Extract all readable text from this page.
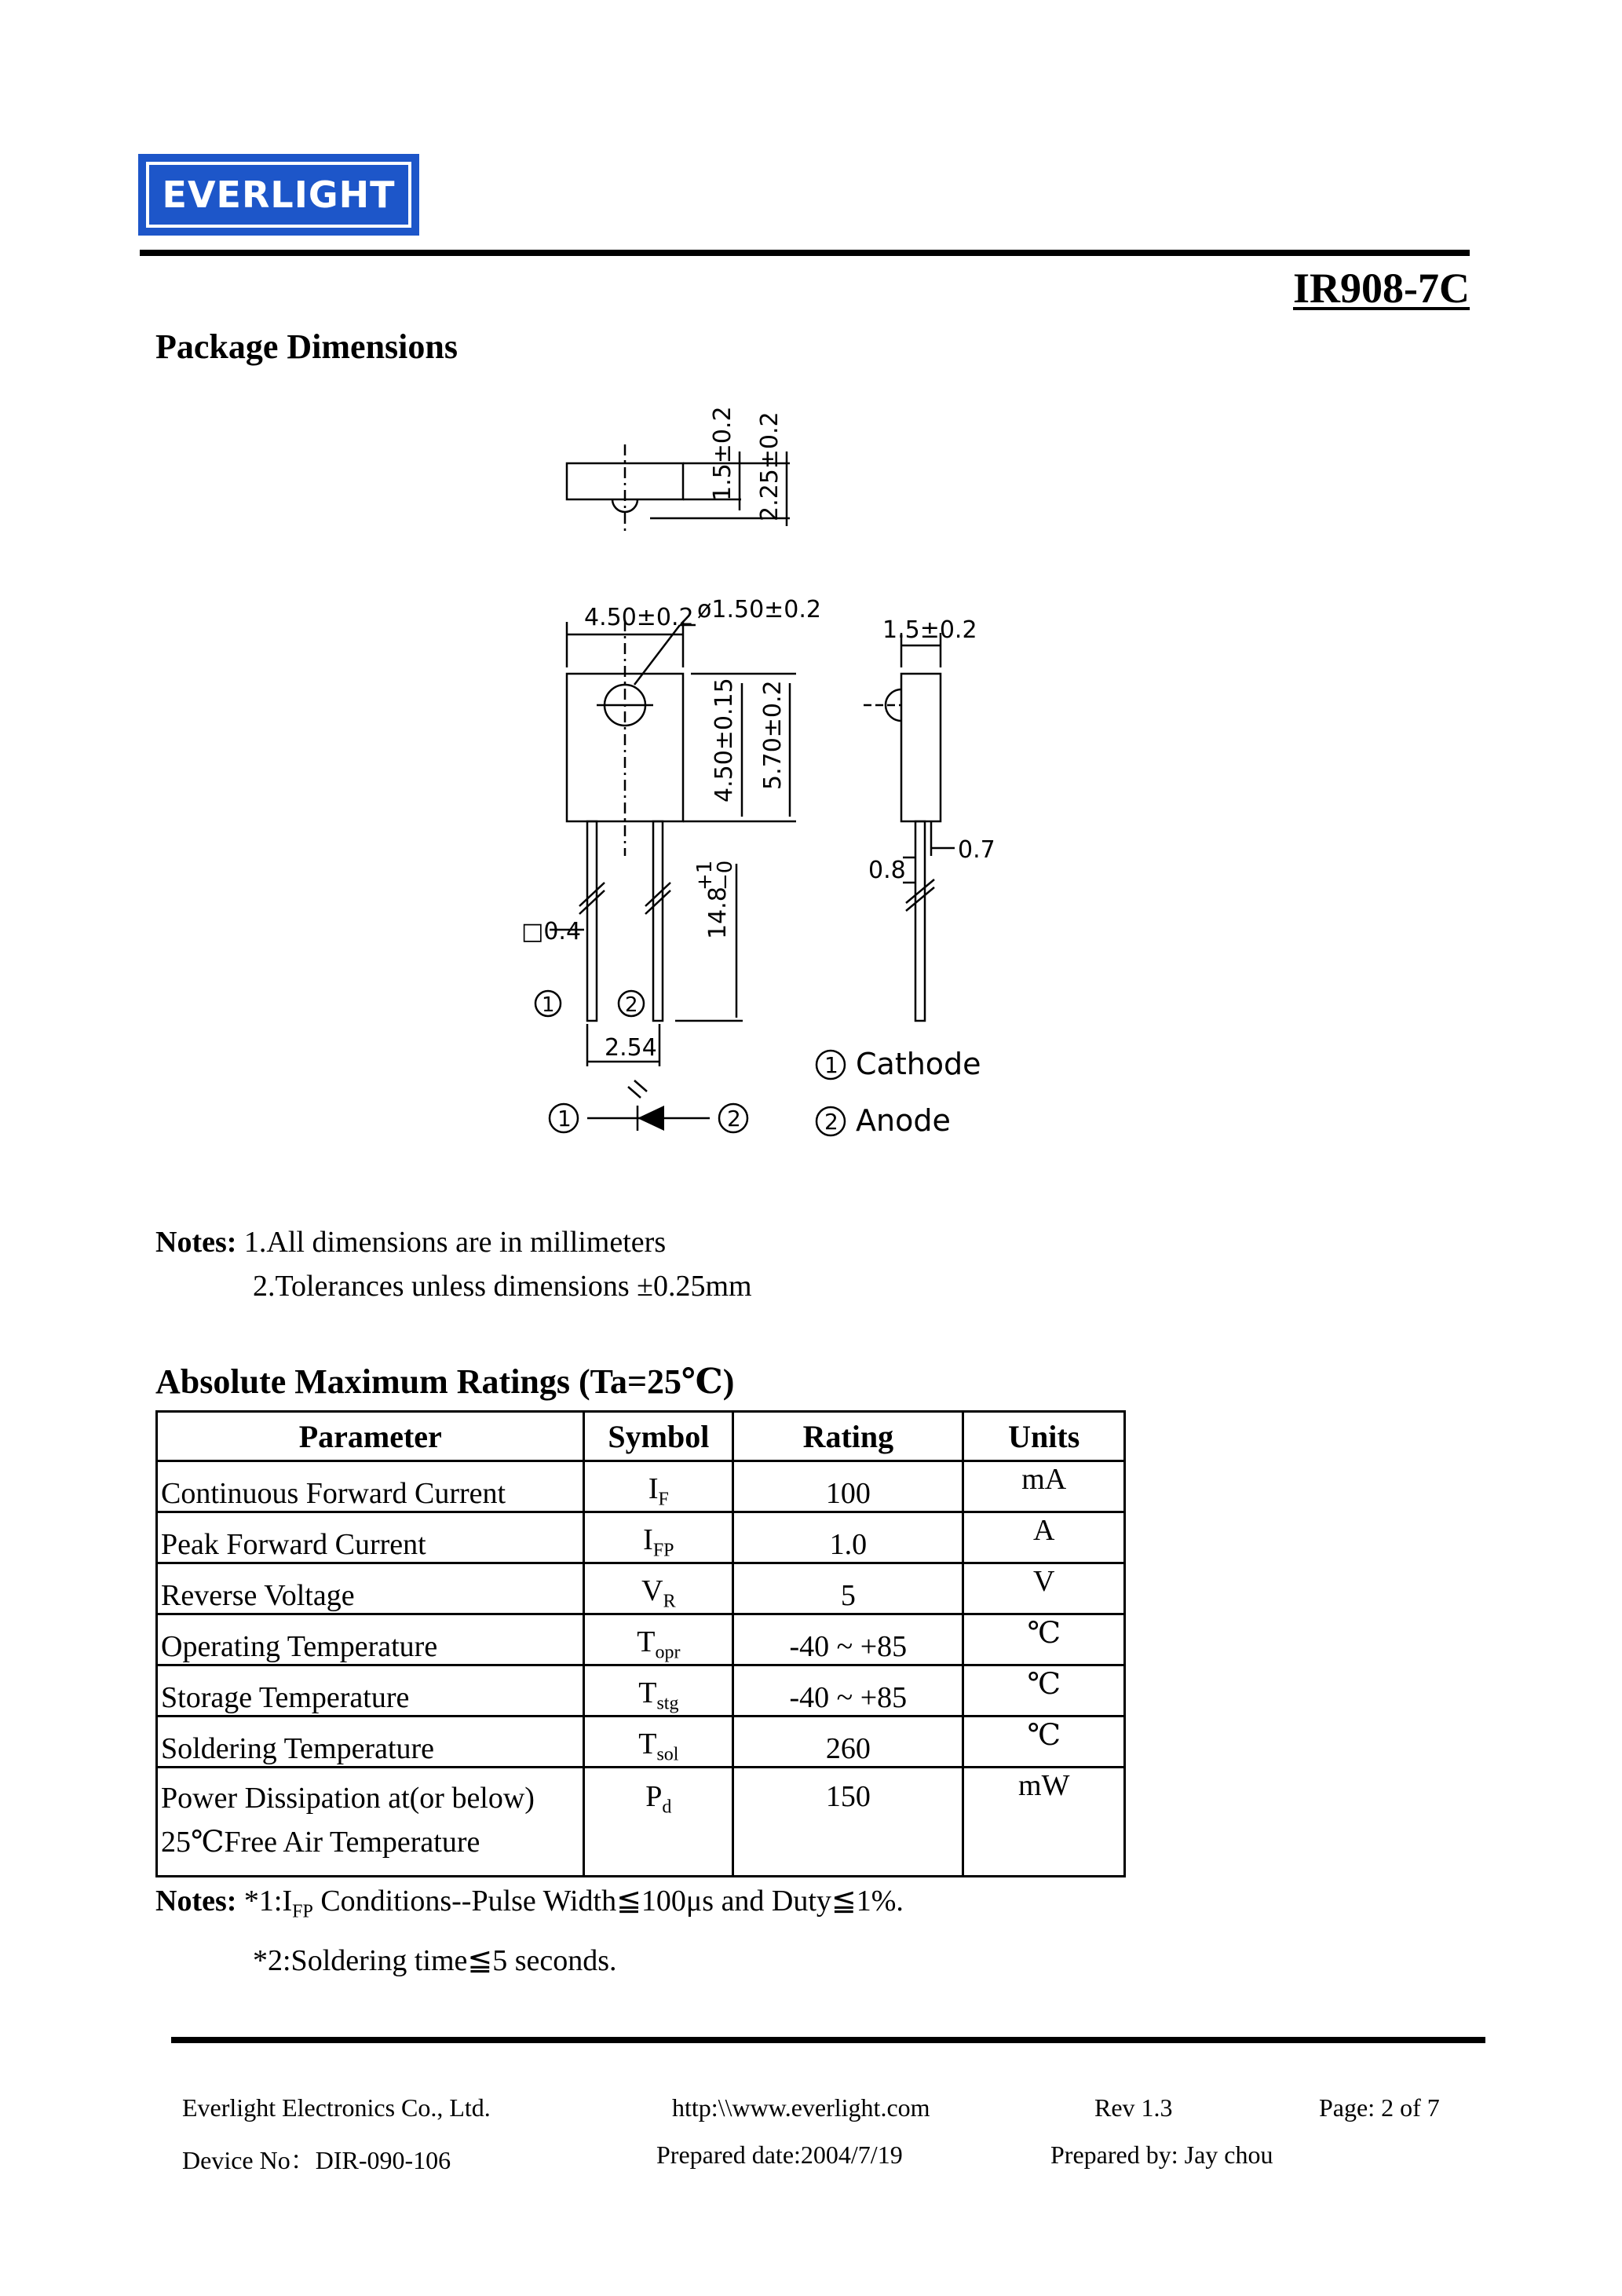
EVERLIGHT
IR908-7C
Package Dimensions
1.5±0.2 2.25±0.2
4.50±0.2 ø1.50±0.2
1.5±0.2
4.50±0.15 5.70±0.2
14.8
+1
−0
□0.4
0.8
0.7
2.54
1	2
1
2
Cathode
Anode
1	2
Notes: 1.All dimensions are in millimeters
2.Tolerances unless dimensions ±0.25mm
Absolute Maximum Ratings (Ta=25℃)
Parameter	Symbol	Rating	Units
Continuous Forward Current	$I_F$	100	mA
Peak Forward Current	$I_{FP}$	1.0	A
Reverse Voltage	$V_R$	5	V
Operating Temperature	$T_{opr}$	-40 ~ +85	℃
Storage Temperature	$T_{stg}$	-40 ~ +85	℃
Soldering Temperature	$T_{sol}$	260	℃

Power Dissipation at(or below)
25℃Free Air Temperature	$P_d$	150	mW
Notes: $*1:I_{FP}$ Conditions--Pulse Width≦100μs and Duty≦1%.
*2:Soldering time≦5 seconds.
Everlight Electronics Co., Ltd.	http:\\www.everlight.com	Rev 1.3	Page: 2 of 7
Device No：DIR-090-106	Prepared date:2004/7/19	Prepared by: Jay chou
